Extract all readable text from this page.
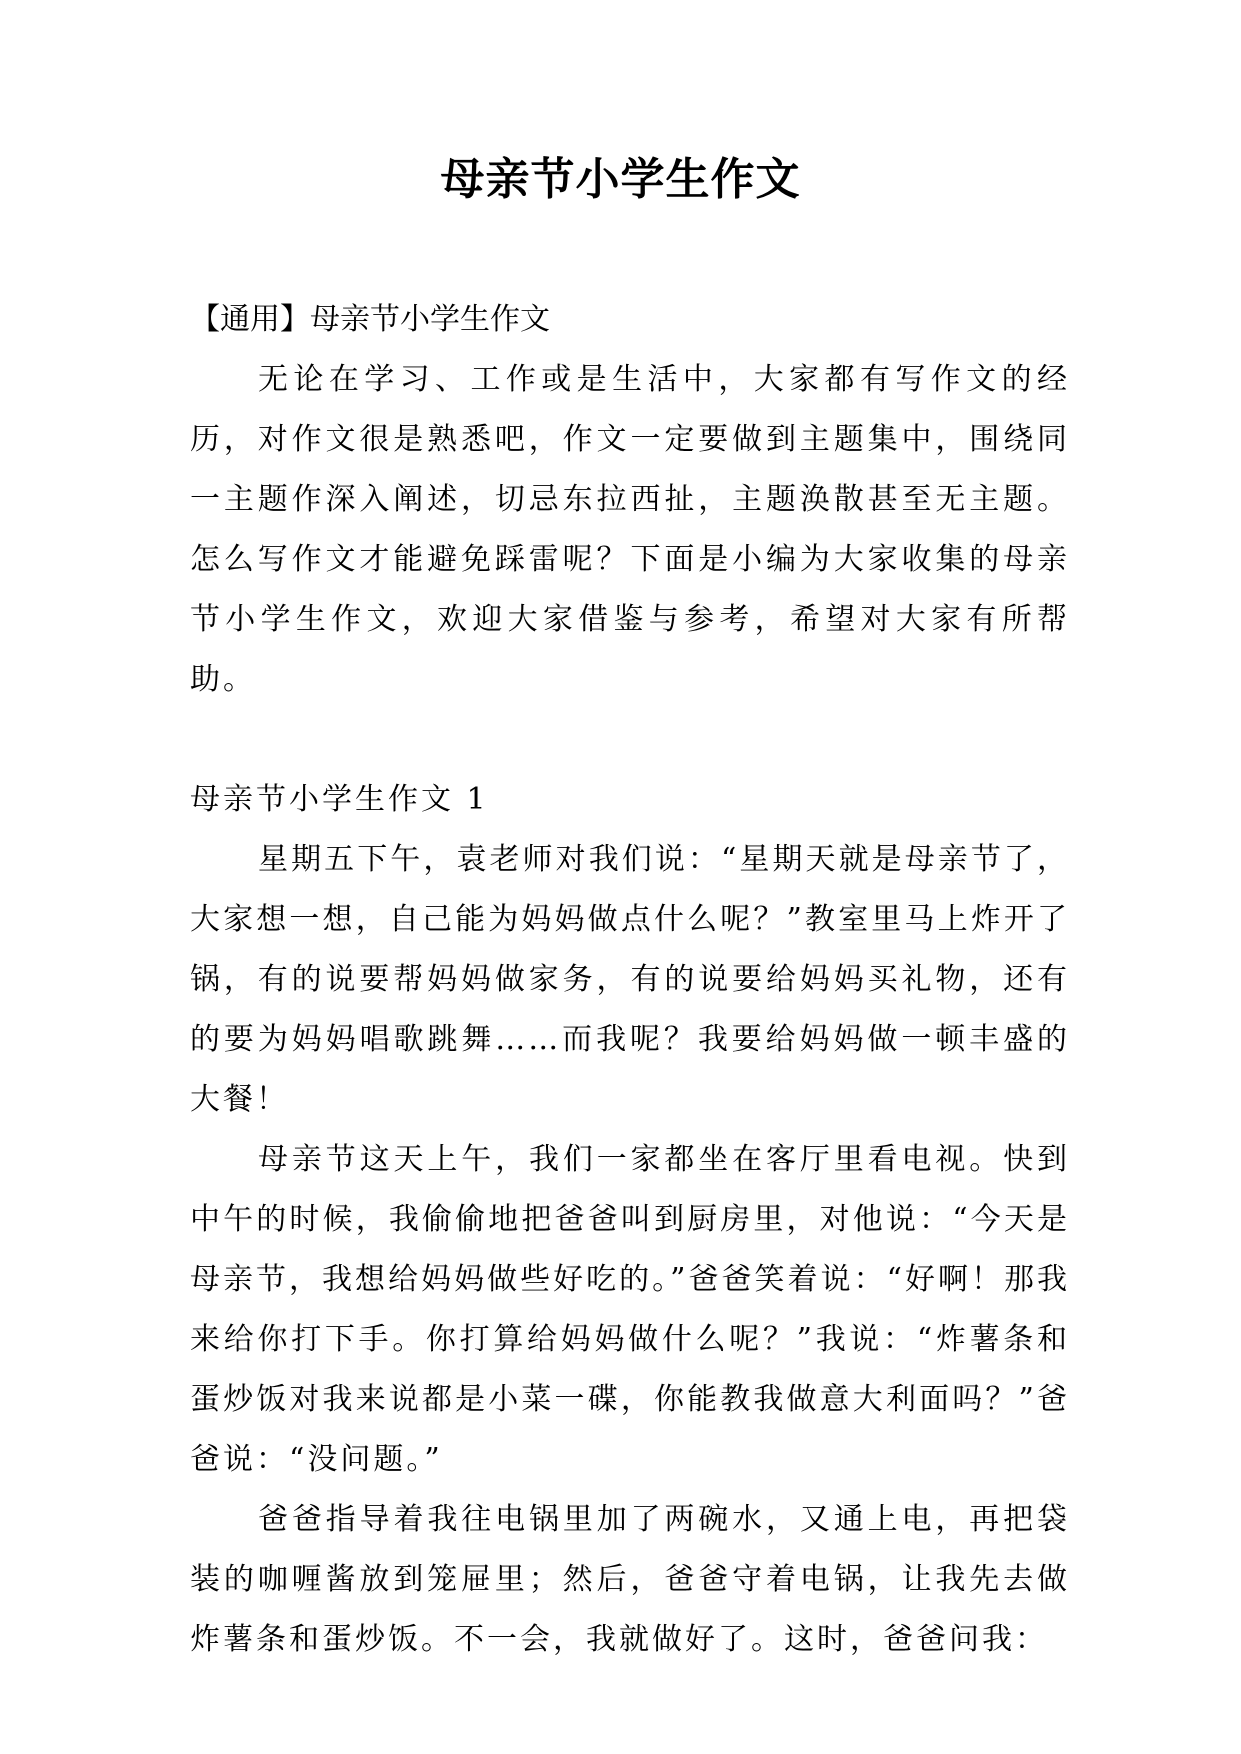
母亲节小学生作文

【通用】母亲节小学生作文

无论在学习、工作或是生活中，大家都有写作文的经历，对作文很是熟悉吧，作文一定要做到主题集中，围绕同一主题作深入阐述，切忌东拉西扯，主题涣散甚至无主题。怎么写作文才能避免踩雷呢？下面是小编为大家收集的母亲节小学生作文，欢迎大家借鉴与参考，希望对大家有所帮助。

母亲节小学生作文 1

星期五下午，袁老师对我们说：“星期天就是母亲节了，大家想一想，自己能为妈妈做点什么呢？”教室里马上炸开了锅，有的说要帮妈妈做家务，有的说要给妈妈买礼物，还有的要为妈妈唱歌跳舞……而我呢？我要给妈妈做一顿丰盛的大餐！

母亲节这天上午，我们一家都坐在客厅里看电视。快到中午的时候，我偷偷地把爸爸叫到厨房里，对他说：“今天是母亲节，我想给妈妈做些好吃的。”爸爸笑着说：“好啊！那我来给你打下手。你打算给妈妈做什么呢？”我说：“炸薯条和蛋炒饭对我来说都是小菜一碟，你能教我做意大利面吗？”爸爸说：“没问题。”

爸爸指导着我往电锅里加了两碗水，又通上电，再把袋装的咖喱酱放到笼屉里；然后，爸爸守着电锅，让我先去做炸薯条和蛋炒饭。不一会，我就做好了。这时，爸爸问我：
